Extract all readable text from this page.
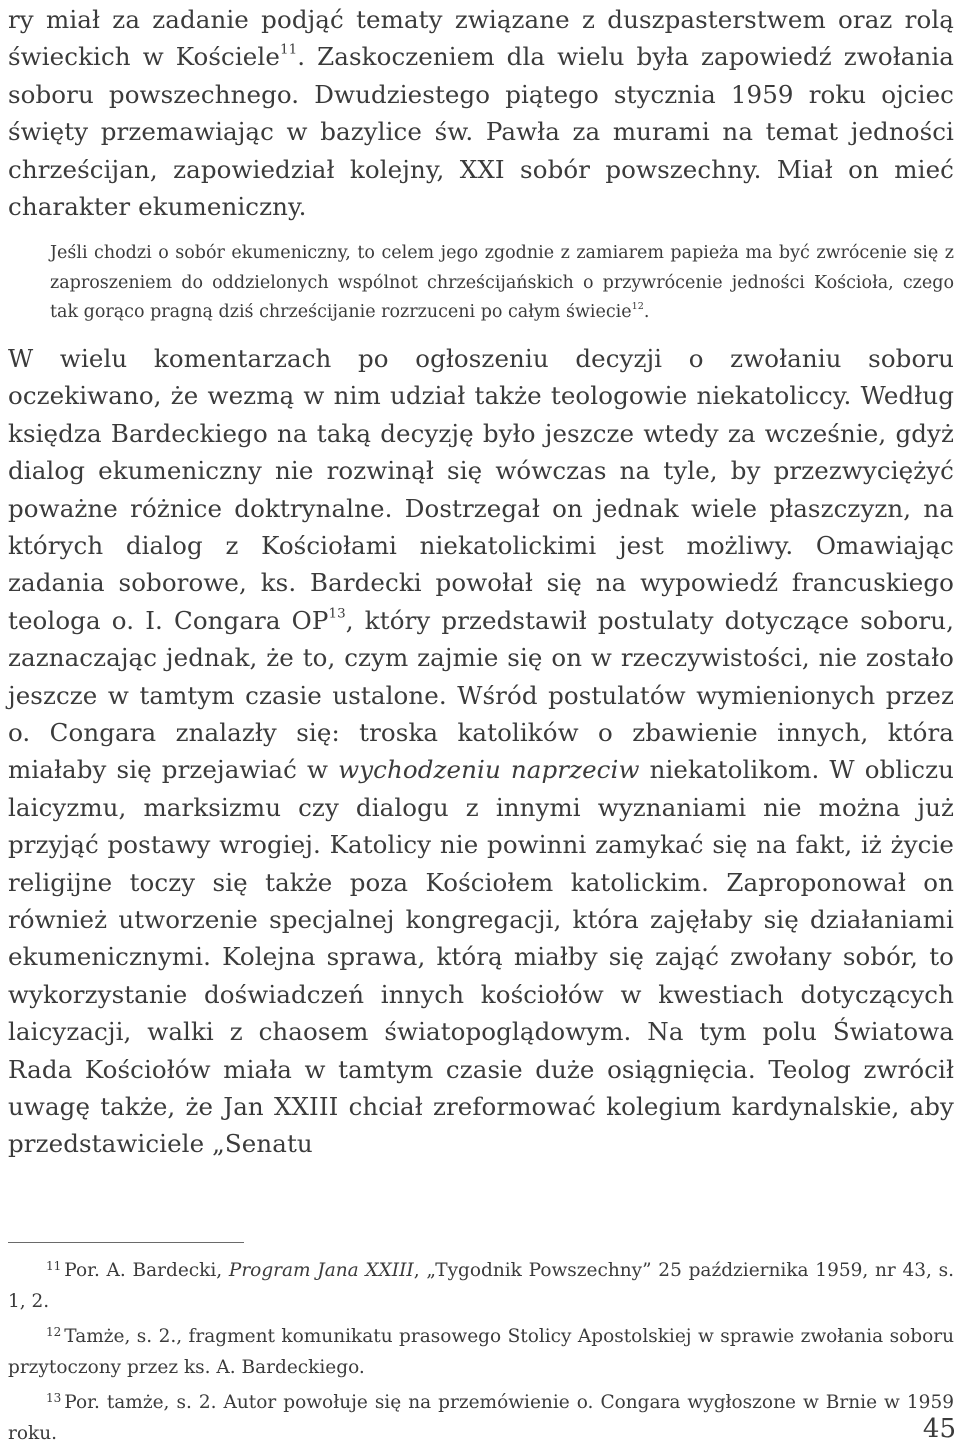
ry miał za zadanie podjąć tematy związane z duszpasterstwem oraz rolą świeckich w Kościele$^{11}$. Zaskoczeniem dla wielu była zapowiedź zwołania soboru powszechnego. Dwudziestego piątego stycznia 1959 roku ojciec święty przemawiając w bazylice św. Pawła za murami na temat jedności chrześcijan, zapowiedział kolejny, XXI sobór powszechny. Miał on mieć charakter ekumeniczny.

Jeśli chodzi o sobór ekumeniczny, to celem jego zgodnie z zamiarem papieża ma być zwrócenie się z zaproszeniem do oddzielonych wspólnot chrześcijańskich o przywrócenie jedności Kościoła, czego tak gorąco pragną dziś chrześcijanie rozrzuceni po całym świecie$^{12}$.

W wielu komentarzach po ogłoszeniu decyzji o zwołaniu soboru oczekiwano, że wezmą w nim udział także teologowie niekatoliccy. Według księdza Bardeckiego na taką decyzję było jeszcze wtedy za wcześnie, gdyż dialog ekumeniczny nie rozwinął się wówczas na tyle, by przezwyciężyć poważne różnice doktrynalne. Dostrzegał on jednak wiele płaszczyzn, na których dialog z Kościołami niekatolickimi jest możliwy. Omawiając zadania soborowe, ks. Bardecki powołał się na wypowiedź francuskiego teologa o. I. Congara OP$^{13}$, który przedstawił postulaty dotyczące soboru, zaznaczając jednak, że to, czym zajmie się on w rzeczywistości, nie zostało jeszcze w tamtym czasie ustalone. Wśród postulatów wymienionych przez o. Congara znalazły się: troska katolików o zbawienie innych, która miałaby się przejawiać w wychodzeniu naprzeciw niekatolikom. W obliczu laicyzmu, marksizmu czy dialogu z innymi wyznaniami nie można już przyjąć postawy wrogiej. Katolicy nie powinni zamykać się na fakt, iż życie religijne toczy się także poza Kościołem katolickim. Zaproponował on również utworzenie specjalnej kongregacji, która zajęłaby się działaniami ekumenicznymi. Kolejna sprawa, którą miałby się zająć zwołany sobór, to wykorzystanie doświadczeń innych kościołów w kwestiach dotyczących laicyzacji, walki z chaosem światopoglądowym. Na tym polu Światowa Rada Kościołów miała w tamtym czasie duże osiągnięcia. Teolog zwrócił uwagę także, że Jan XXIII chciał zreformować kolegium kardynalskie, aby przedstawiciele „Senatu

$^{11}$ Por. A. Bardecki, Program Jana XXIII, „Tygodnik Powszechny” 25 października 1959, nr 43, s. 1, 2.

$^{12}$ Tamże, s. 2., fragment komunikatu prasowego Stolicy Apostolskiej w sprawie zwołania soboru przytoczony przez ks. A. Bardeckiego.

$^{13}$ Por. tamże, s. 2. Autor powołuje się na przemówienie o. Congara wygłoszone w Brnie w 1959 roku.	45
